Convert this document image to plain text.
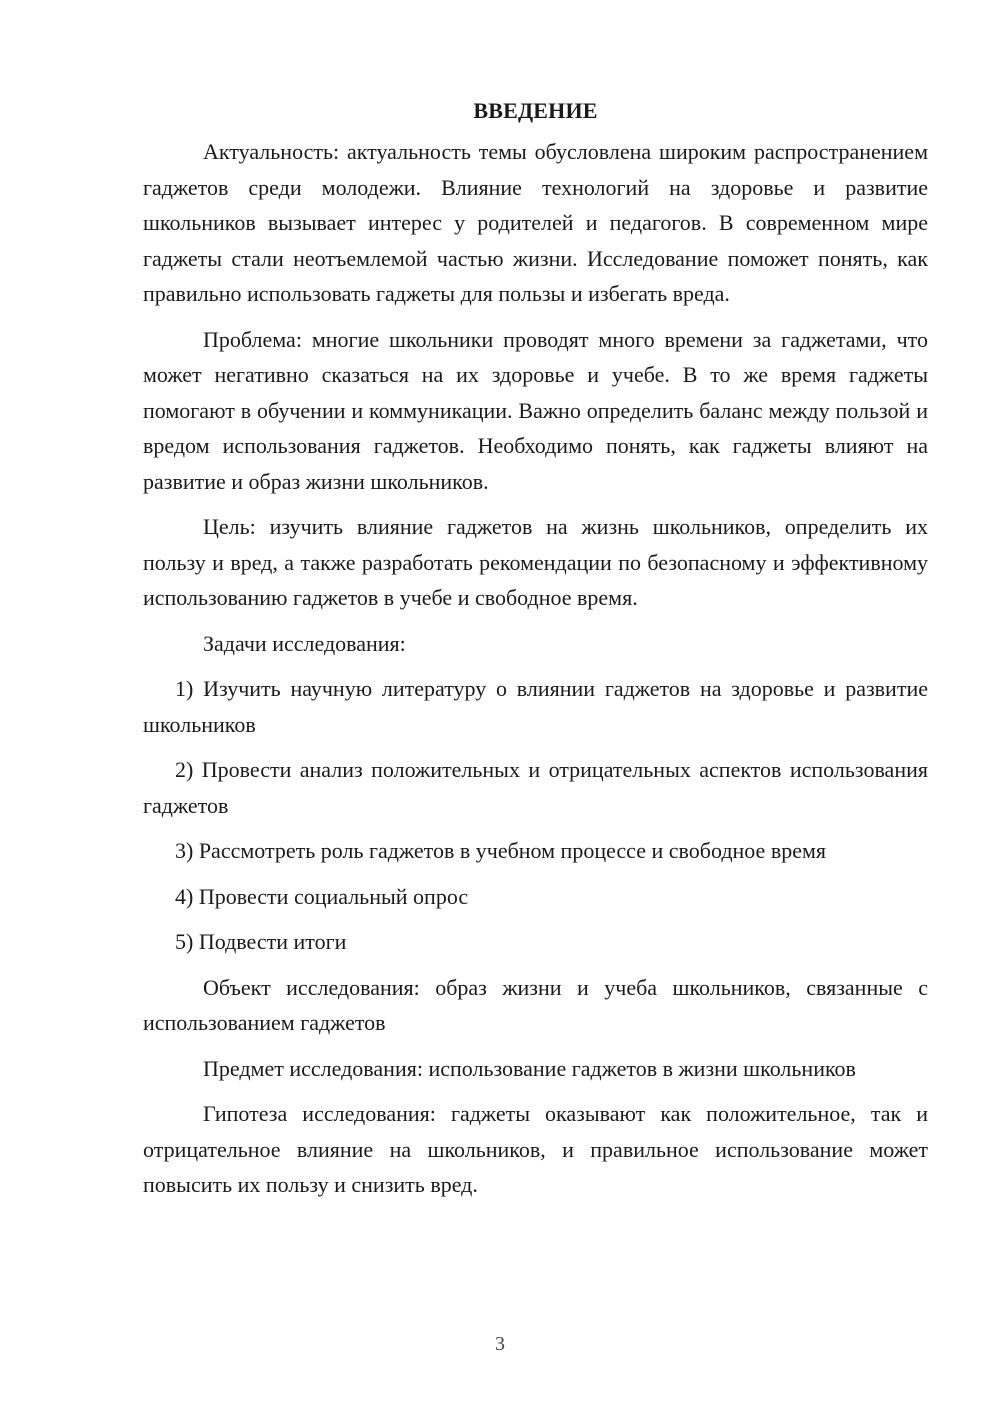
ВВЕДЕНИЕ

Актуальность: актуальность темы обусловлена широким распространением гаджетов среди молодежи. Влияние технологий на здоровье и развитие школьников вызывает интерес у родителей и педагогов. В современном мире гаджеты стали неотъемлемой частью жизни. Исследование поможет понять, как правильно использовать гаджеты для пользы и избегать вреда.

Проблема: многие школьники проводят много времени за гаджетами, что может негативно сказаться на их здоровье и учебе. В то же время гаджеты помогают в обучении и коммуникации. Важно определить баланс между пользой и вредом использования гаджетов. Необходимо понять, как гаджеты влияют на развитие и образ жизни школьников.

Цель: изучить влияние гаджетов на жизнь школьников, определить их пользу и вред, а также разработать рекомендации по безопасному и эффективному использованию гаджетов в учебе и свободное время.

Задачи исследования:

1) Изучить научную литературу о влиянии гаджетов на здоровье и развитие школьников

2) Провести анализ положительных и отрицательных аспектов использования гаджетов

3) Рассмотреть роль гаджетов в учебном процессе и свободное время

4) Провести социальный опрос

5) Подвести итоги

Объект исследования: образ жизни и учеба школьников, связанные с использованием гаджетов

Предмет исследования: использование гаджетов в жизни школьников

Гипотеза исследования: гаджеты оказывают как положительное, так и отрицательное влияние на школьников, и правильное использование может повысить их пользу и снизить вред.

3
